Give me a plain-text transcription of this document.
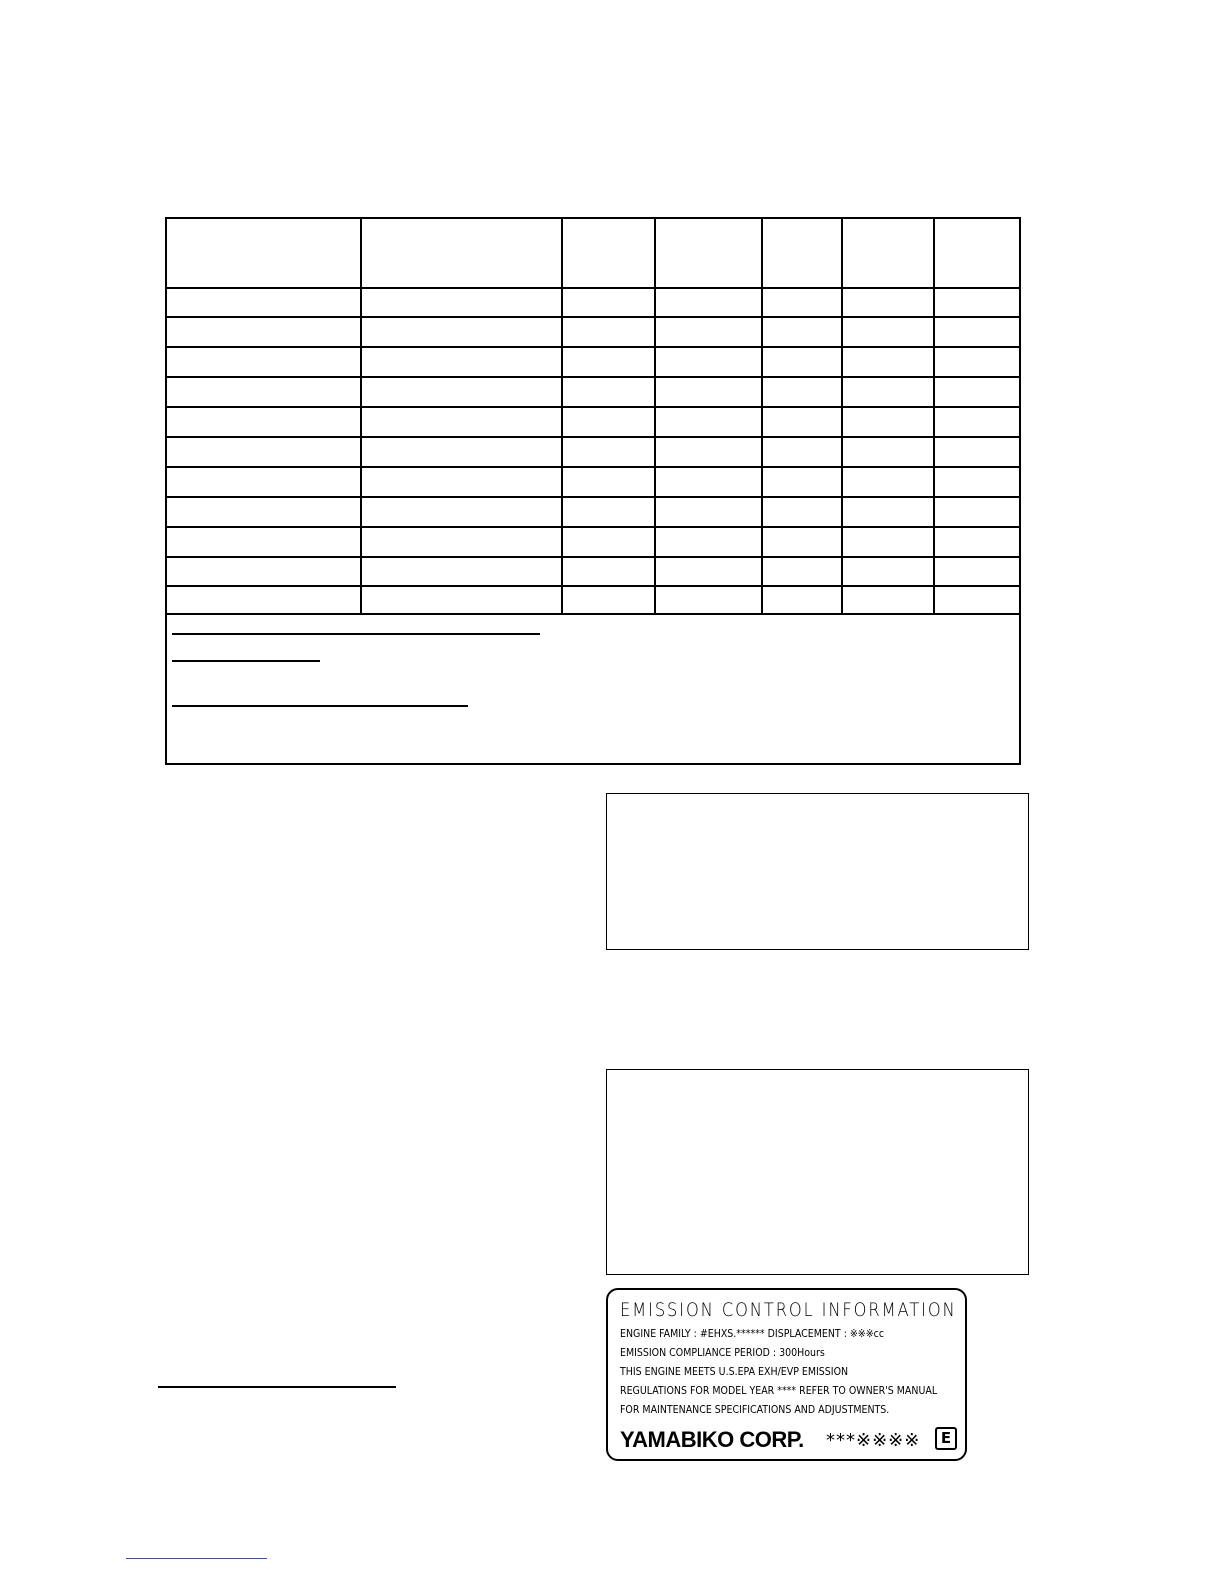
EMISSION CONTROL INFORMATION
ENGINE FAMILY : #EHXS.****** DISPLACEMENT : ※※※cc
EMISSION COMPLIANCE PERIOD : 300Hours
THIS ENGINE MEETS U.S.EPA EXH/EVP EMISSION
REGULATIONS FOR MODEL YEAR **** REFER TO OWNER'S MANUAL
FOR MAINTENANCE SPECIFICATIONS AND ADJUSTMENTS.
YAMABIKO CORP. ***※※※※	E
